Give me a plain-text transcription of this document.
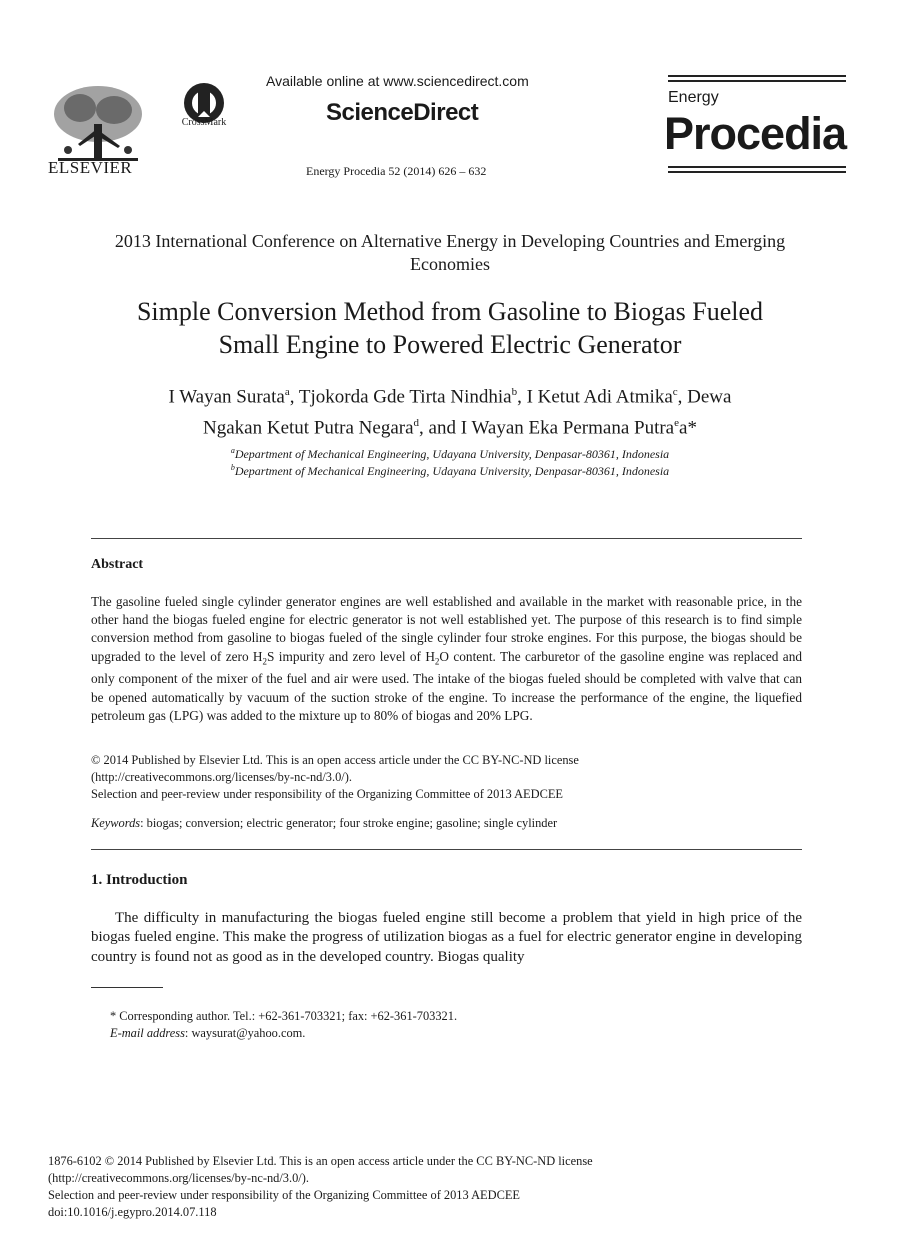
ELSEVIER
CrossMark
Available online at www.sciencedirect.com
ScienceDirect
Energy Procedia 52 (2014) 626 – 632
Energy
Procedia
2013 International Conference on Alternative Energy in Developing Countries and Emerging Economies
Simple Conversion Method from Gasoline to Biogas Fueled
Small Engine to Powered Electric Generator
I Wayan Surata$^a$, Tjokorda Gde Tirta Nindhia$^b$, I Ketut Adi Atmika$^c$, Dewa
Ngakan Ketut Putra Negara$^d$, and I Wayan Eka Permana Putra$^e$a*
$^a$Department of Mechanical Engineering, Udayana University, Denpasar-80361, Indonesia
$^b$Department of Mechanical Engineering, Udayana University, Denpasar-80361, Indonesia
Abstract
The gasoline fueled single cylinder generator engines are well established and available in the market with reasonable price, in the other hand the biogas fueled engine for electric generator is not well established yet. The purpose of this research is to find simple conversion method from gasoline to biogas fueled of the single cylinder four stroke engines. For this purpose, the biogas should be upgraded to the level of zero $H_2S$ impurity and zero level of $H_2O$ content. The carburetor of the gasoline engine was replaced and only component of the mixer of the fuel and air were used. The intake of the biogas fueled should be completed with valve that can be opened automatically by vacuum of the suction stroke of the engine. To increase the performance of the engine, the liquefied petroleum gas (LPG) was added to the mixture up to 80% of biogas and 20% LPG.
© 2014 Published by Elsevier Ltd. This is an open access article under the CC BY-NC-ND license
(http://creativecommons.org/licenses/by-nc-nd/3.0/).
Selection and peer-review under responsibility of the Organizing Committee of 2013 AEDCEE
Keywords: biogas; conversion; electric generator; four stroke engine; gasoline; single cylinder
1. Introduction
The difficulty in manufacturing the biogas fueled engine still become a problem that yield in high price of the biogas fueled engine. This make the progress of utilization biogas as a fuel for electric generator engine in developing country is found not as good as in the developed country. Biogas quality
* Corresponding author. Tel.: +62-361-703321; fax: +62-361-703321.
E-mail address: waysurat@yahoo.com.
1876-6102 © 2014 Published by Elsevier Ltd. This is an open access article under the CC BY-NC-ND license
(http://creativecommons.org/licenses/by-nc-nd/3.0/).
Selection and peer-review under responsibility of the Organizing Committee of 2013 AEDCEE
doi:10.1016/j.egypro.2014.07.118
